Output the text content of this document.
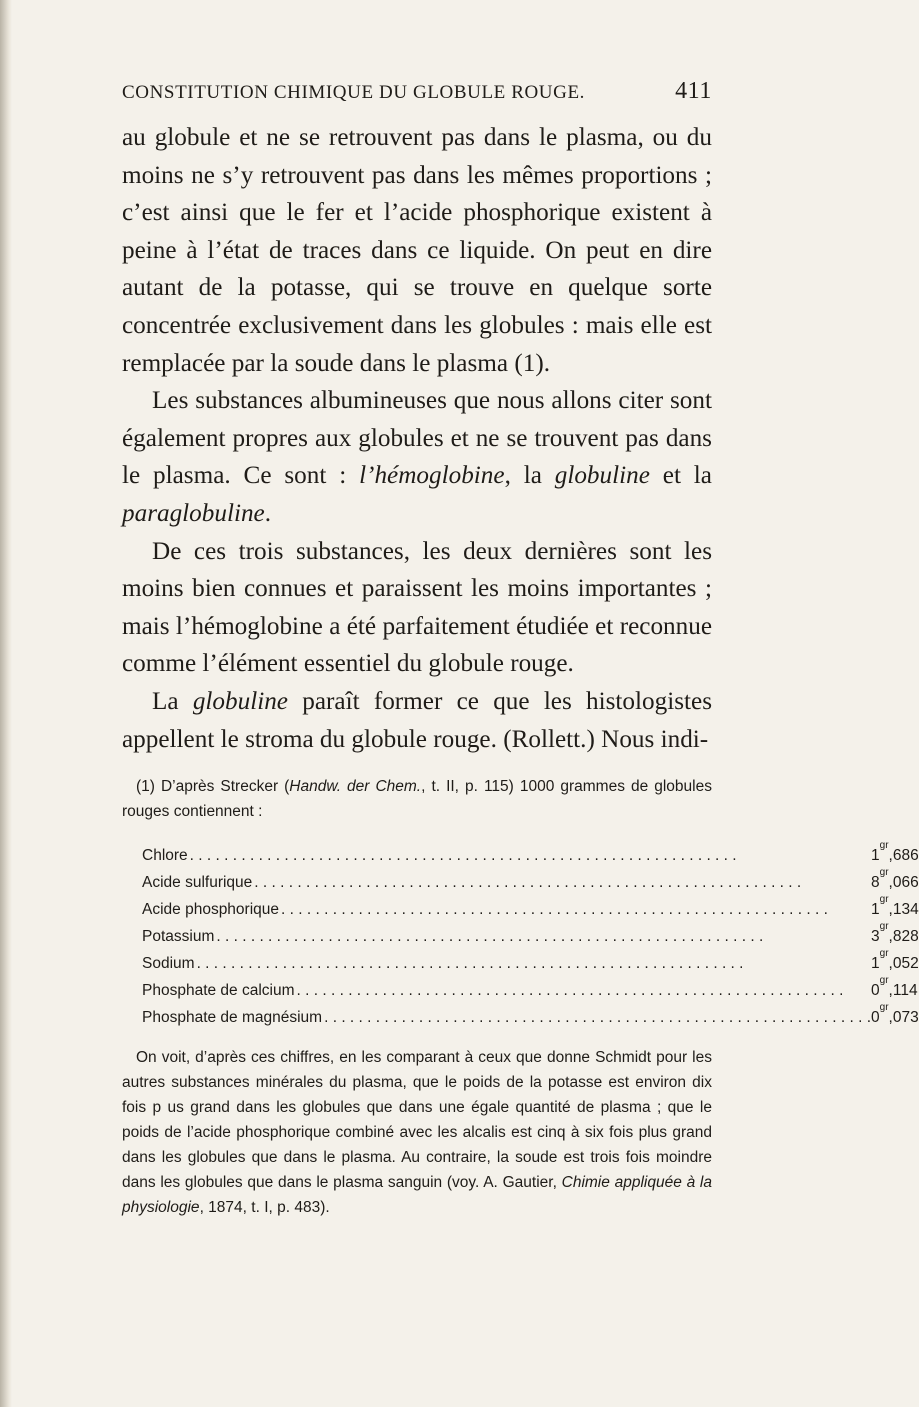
CONSTITUTION CHIMIQUE DU GLOBULE ROUGE.	411

au globule et ne se retrouvent pas dans le plasma, ou du moins ne s’y retrouvent pas dans les mêmes proportions ; c’est ainsi que le fer et l’acide phosphorique existent à peine à l’état de traces dans ce liquide. On peut en dire autant de la potasse, qui se trouve en quelque sorte concentrée exclusivement dans les globules : mais elle est remplacée par la soude dans le plasma (1).

Les substances albumineuses que nous allons citer sont également propres aux globules et ne se trouvent pas dans le plasma. Ce sont : l’hémoglobine, la globuline et la paraglobuline.

De ces trois substances, les deux dernières sont les moins bien connues et paraissent les moins importantes ; mais l’hémoglobine a été parfaitement étudiée et reconnue comme l’élément essentiel du globule rouge.

La globuline paraît former ce que les histologistes appellent le stroma du globule rouge. (Rollett.) Nous indi-

(1) D’après Strecker (Handw. der Chem., t. II, p. 115) 1000 grammes de globules rouges contiennent :

Chlore . . .	$1^{gr},686$
Acide sulfurique . . .	$8^{gr},066$
Acide phosphorique . . .	$1^{gr},134$
Potassium . . .	$3^{gr},828$
Sodium . . .	$1^{gr},052$
Phosphate de calcium . . .	$0^{gr},114$
Phosphate de magnésium . . .	$0^{gr},073$

On voit, d’après ces chiffres, en les comparant à ceux que donne Schmidt pour les autres substances minérales du plasma, que le poids de la potasse est environ dix fois p us grand dans les globules que dans une égale quantité de plasma ; que le poids de l’acide phosphorique combiné avec les alcalis est cinq à six fois plus grand dans les globules que dans le plasma. Au contraire, la soude est trois fois moindre dans les globules que dans le plasma sanguin (voy. A. Gautier, Chimie appliquée à la physiologie, 1874, t. I, p. 483).
